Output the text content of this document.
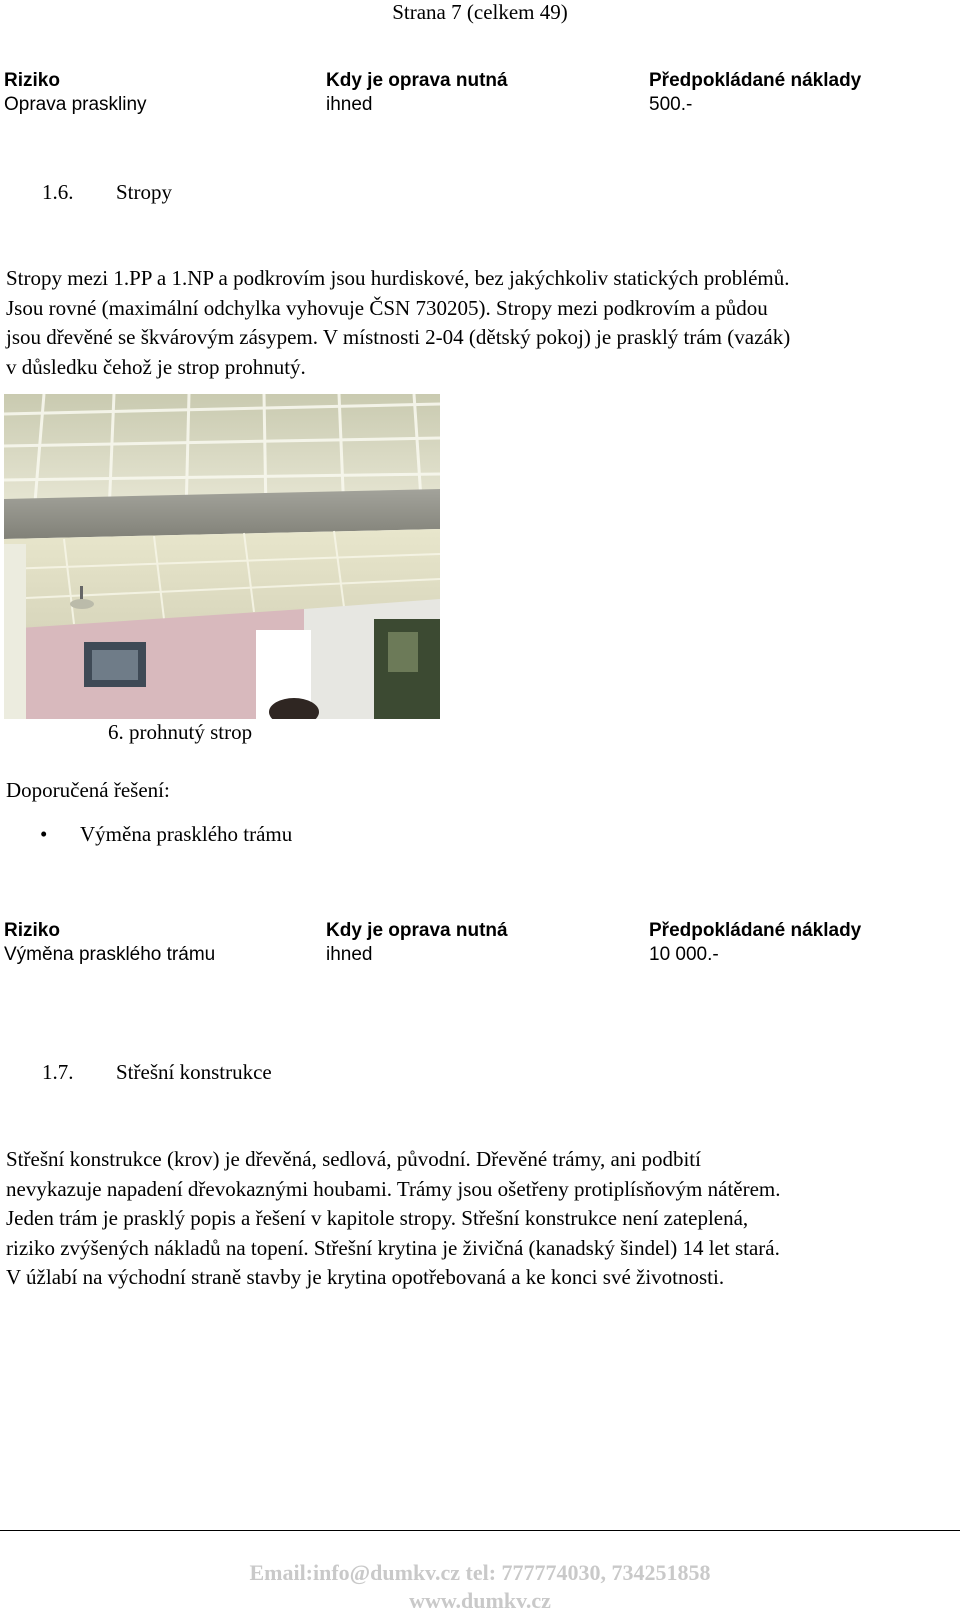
Strana 7 (celkem 49)
Riziko	Kdy je oprava nutná	Předpokládané náklady
Oprava praskliny	ihned	500.-
1.6. Stropy

Stropy mezi 1.PP a 1.NP a podkrovím jsou hurdiskové, bez jakýchkoliv statických problémů.

Jsou rovné (maximální odchylka vyhovuje ČSN 730205). Stropy mezi podkrovím a půdou

jsou dřevěné se škvárovým zásypem. V místnosti 2-04 (dětský pokoj) je prasklý trám (vazák)

v důsledku čehož je strop prohnutý.

6. prohnutý strop
Doporučená řešení:
• Výměna prasklého trámu
Riziko	Kdy je oprava nutná	Předpokládané náklady
Výměna prasklého trámu	ihned	10 000.-
1.7. Střešní konstrukce

Střešní konstrukce (krov) je dřevěná, sedlová, původní. Dřevěné trámy, ani podbití

nevykazuje napadení dřevokaznými houbami. Trámy jsou ošetřeny protiplísňovým nátěrem.

Jeden trám je prasklý popis a řešení v kapitole stropy. Střešní konstrukce není zateplená,

riziko zvýšených nákladů na topení. Střešní krytina je živičná (kanadský šindel) 14 let stará.

V úžlabí na východní straně stavby je krytina opotřebovaná a ke konci své životnosti.

Email:info@dumkv.cz tel: 777774030, 734251858
www.dumkv.cz
